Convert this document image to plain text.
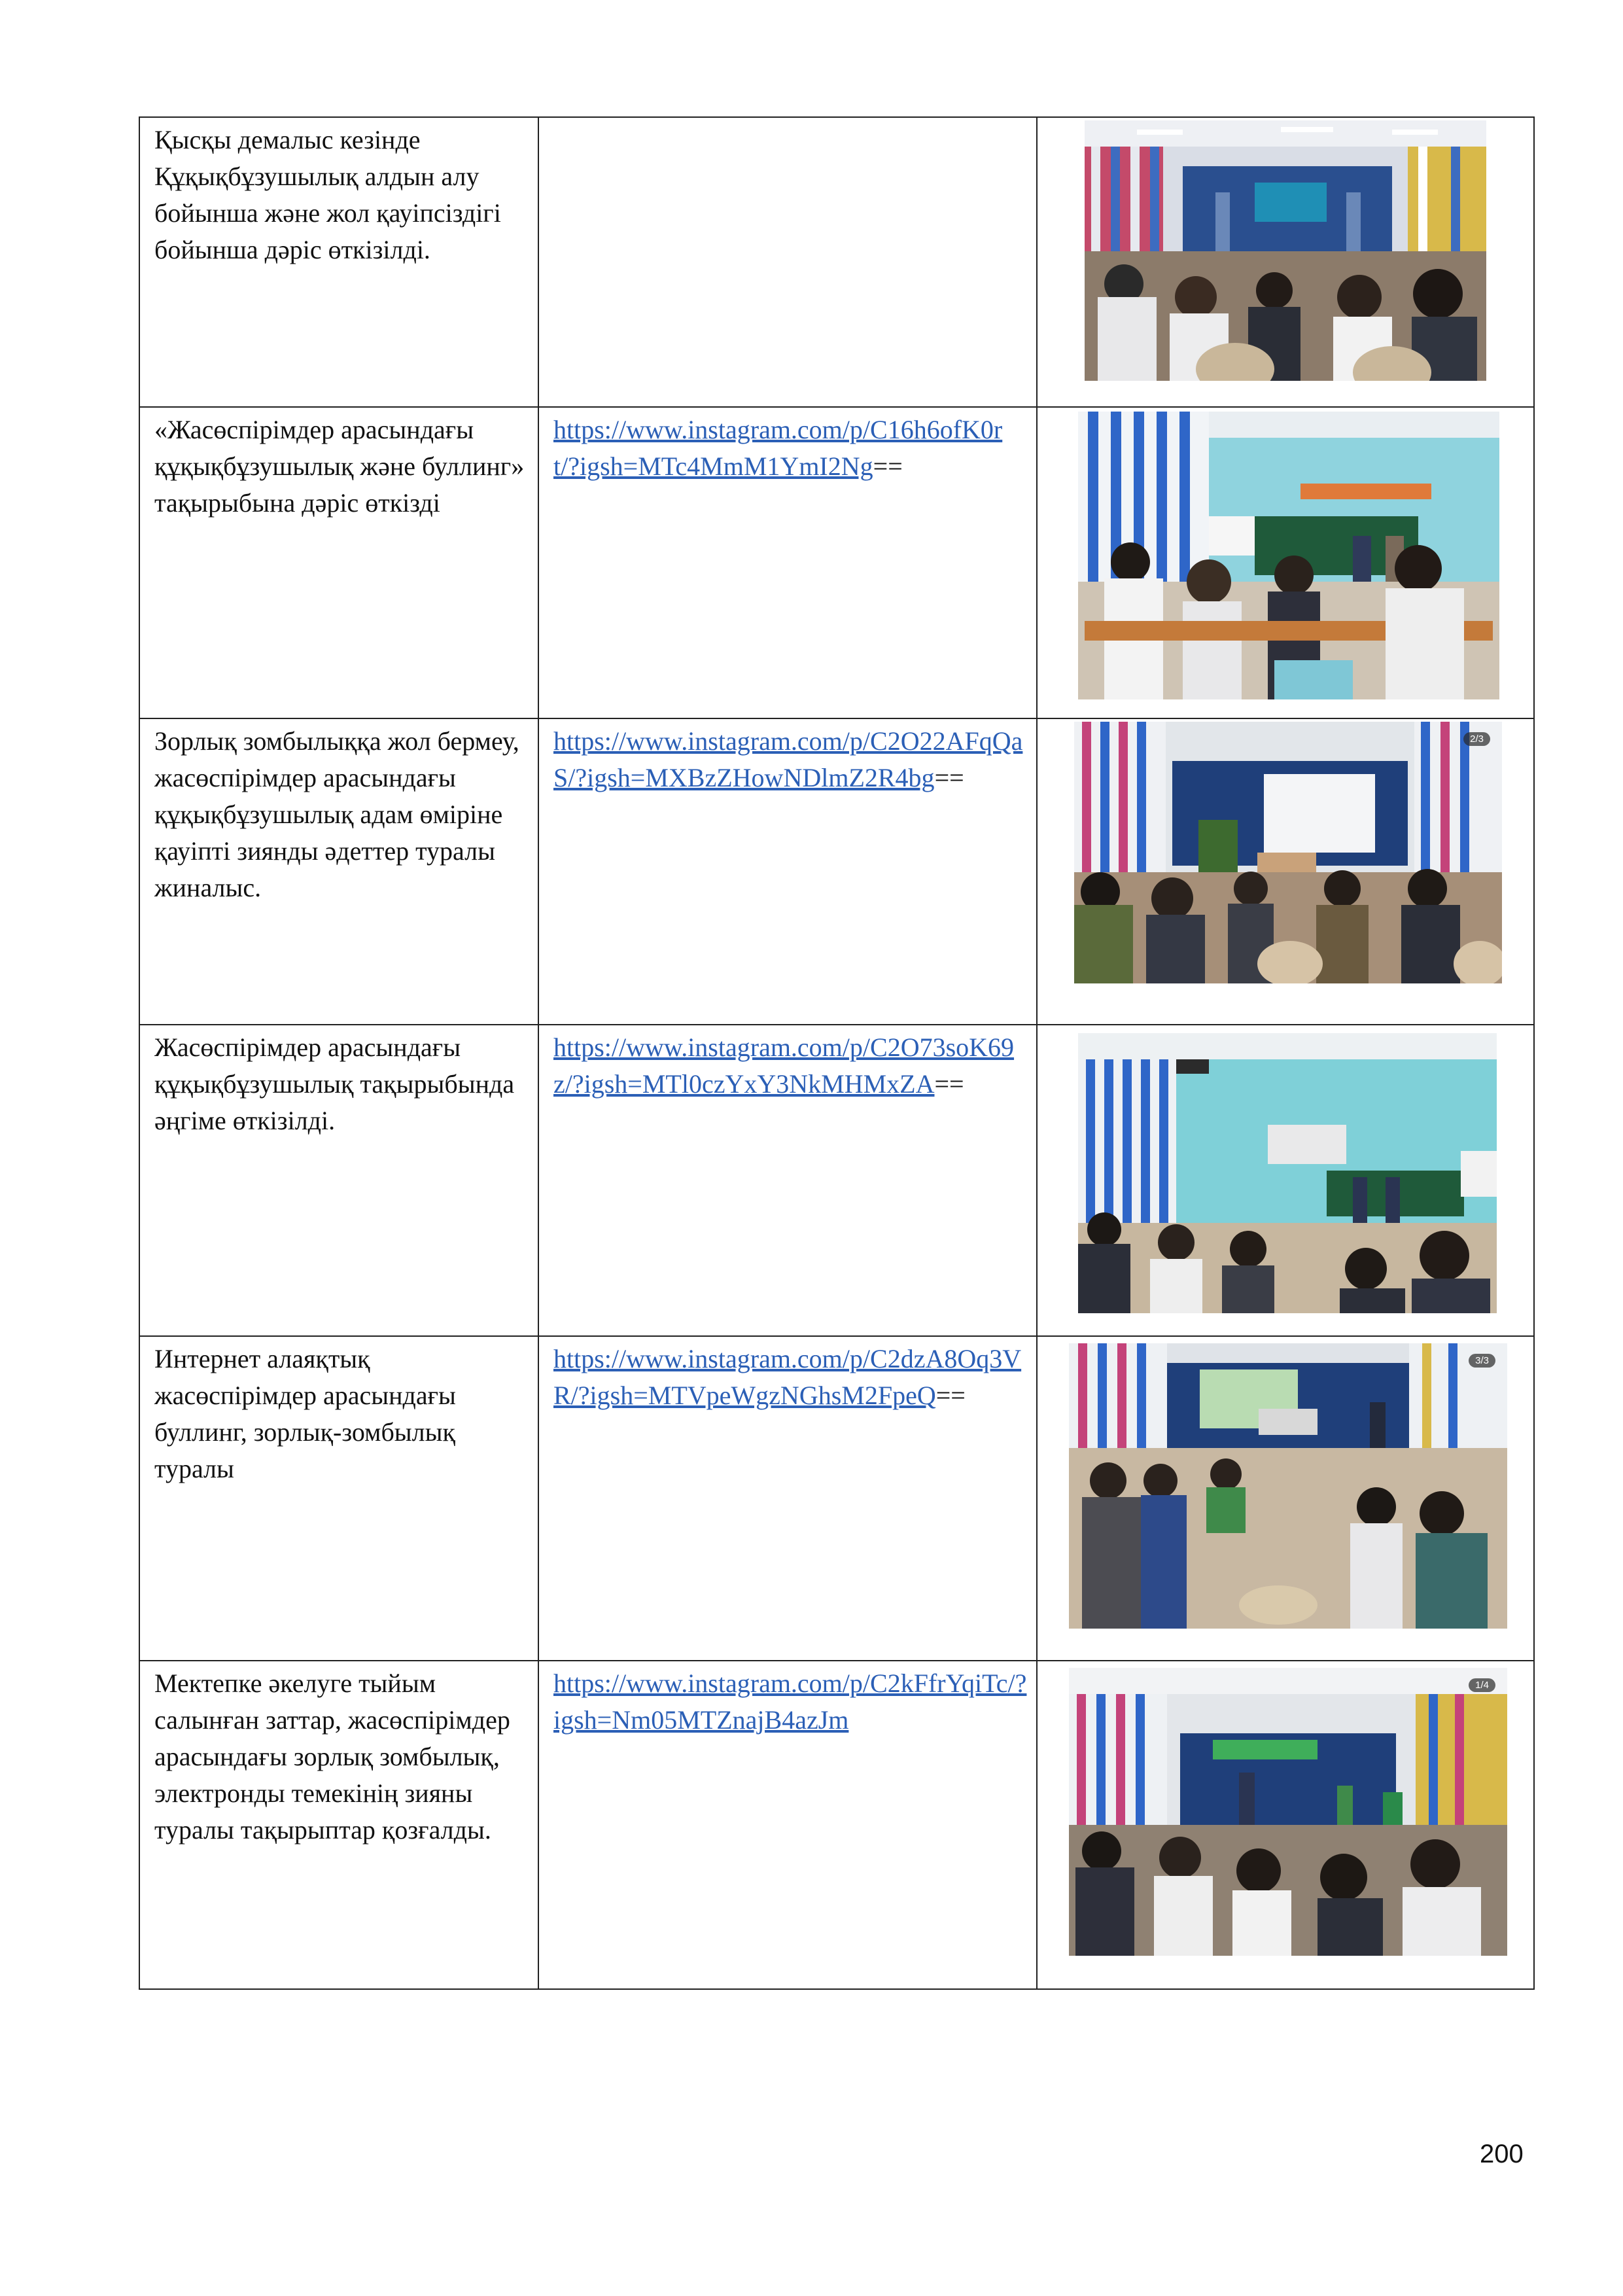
Қысқы демалыс кезінде Құқықбұзушылық алдын алу бойынша және жол қауіпсіздігі бойынша дәріс өткізілді.		

«Жасөспірімдер арасындағы құқықбұзушылық және буллинг» тақырыбына дәріс өткізді	https://www.instagram.com/p/C16h6ofK0rt/?igsh=MTc4MmM1YmI2Ng==	

Зорлық зомбылыққа жол бермеу, жасөспірімдер арасындағы құқықбұзушылық адам өміріне қауіпті зиянды әдеттер туралы жиналыс.	https://www.instagram.com/p/C2O22AFqQaS/?igsh=MXBzZHowNDlmZ2R4bg==	2/3

Жасөспірімдер арасындағы құқықбұзушылық тақырыбында әңгіме өткізілді.	https://www.instagram.com/p/C2O73soK69z/?igsh=MTl0czYxY3NkMHMxZA==	

Интернет алаяқтық жасөспірімдер арасындағы буллинг, зорлық-зомбылық туралы	https://www.instagram.com/p/C2dzA8Oq3VR/?igsh=MTVpeWgzNGhsM2FpeQ==	3/3

Мектепке әкелуге тыйым салынған заттар, жасөспірімдер арасындағы зорлық зомбылық, электронды темекінің зияны туралы тақырыптар қозғалды.	https://www.instagram.com/p/C2kFfrYqiTc/?igsh=Nm05MTZnajB4azJm	1/4
200
